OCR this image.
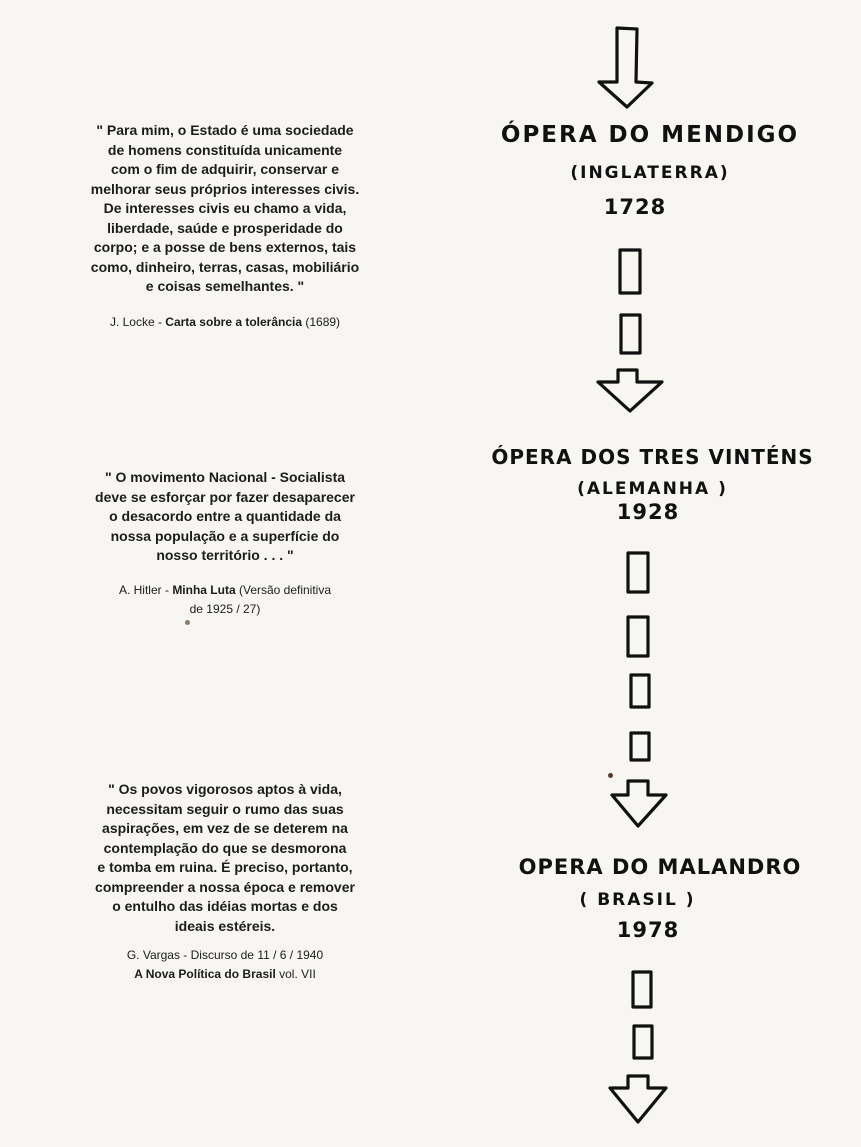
" Para mim, o Estado é uma sociedade
de homens constituída unicamente
com o fim de adquirir, conservar e
melhorar seus próprios interesses civis.
De interesses civis eu chamo a vida,
liberdade, saúde e prosperidade do
corpo; e a posse de bens externos, tais
como, dinheiro, terras, casas, mobiliário
e coisas semelhantes. "
J. Locke - Carta sobre a tolerância (1689)
" O movimento Nacional - Socialista
deve se esforçar por fazer desaparecer
o desacordo entre a quantidade da
nossa população e a superfície do
nosso território . . . "
A. Hitler - Minha Luta (Versão definitiva
de 1925 / 27)
" Os povos vigorosos aptos à vida,
necessitam seguir o rumo das suas
aspirações, em vez de se deterem na
contemplação do que se desmorona
e tomba em ruina. É preciso, portanto,
compreender a nossa época e remover
o entulho das idéias mortas e dos
ideais estéreis.
G. Vargas - Discurso de 11 / 6 / 1940
A Nova Política do Brasil vol. VII
ÓPERA DO MENDIGO
(INGLATERRA)
1728
ÓPERA DOS TRES VINTÉNS
(ALEMANHA )
1928
OPERA DO MALANDRO
( BRASIL )
1978
